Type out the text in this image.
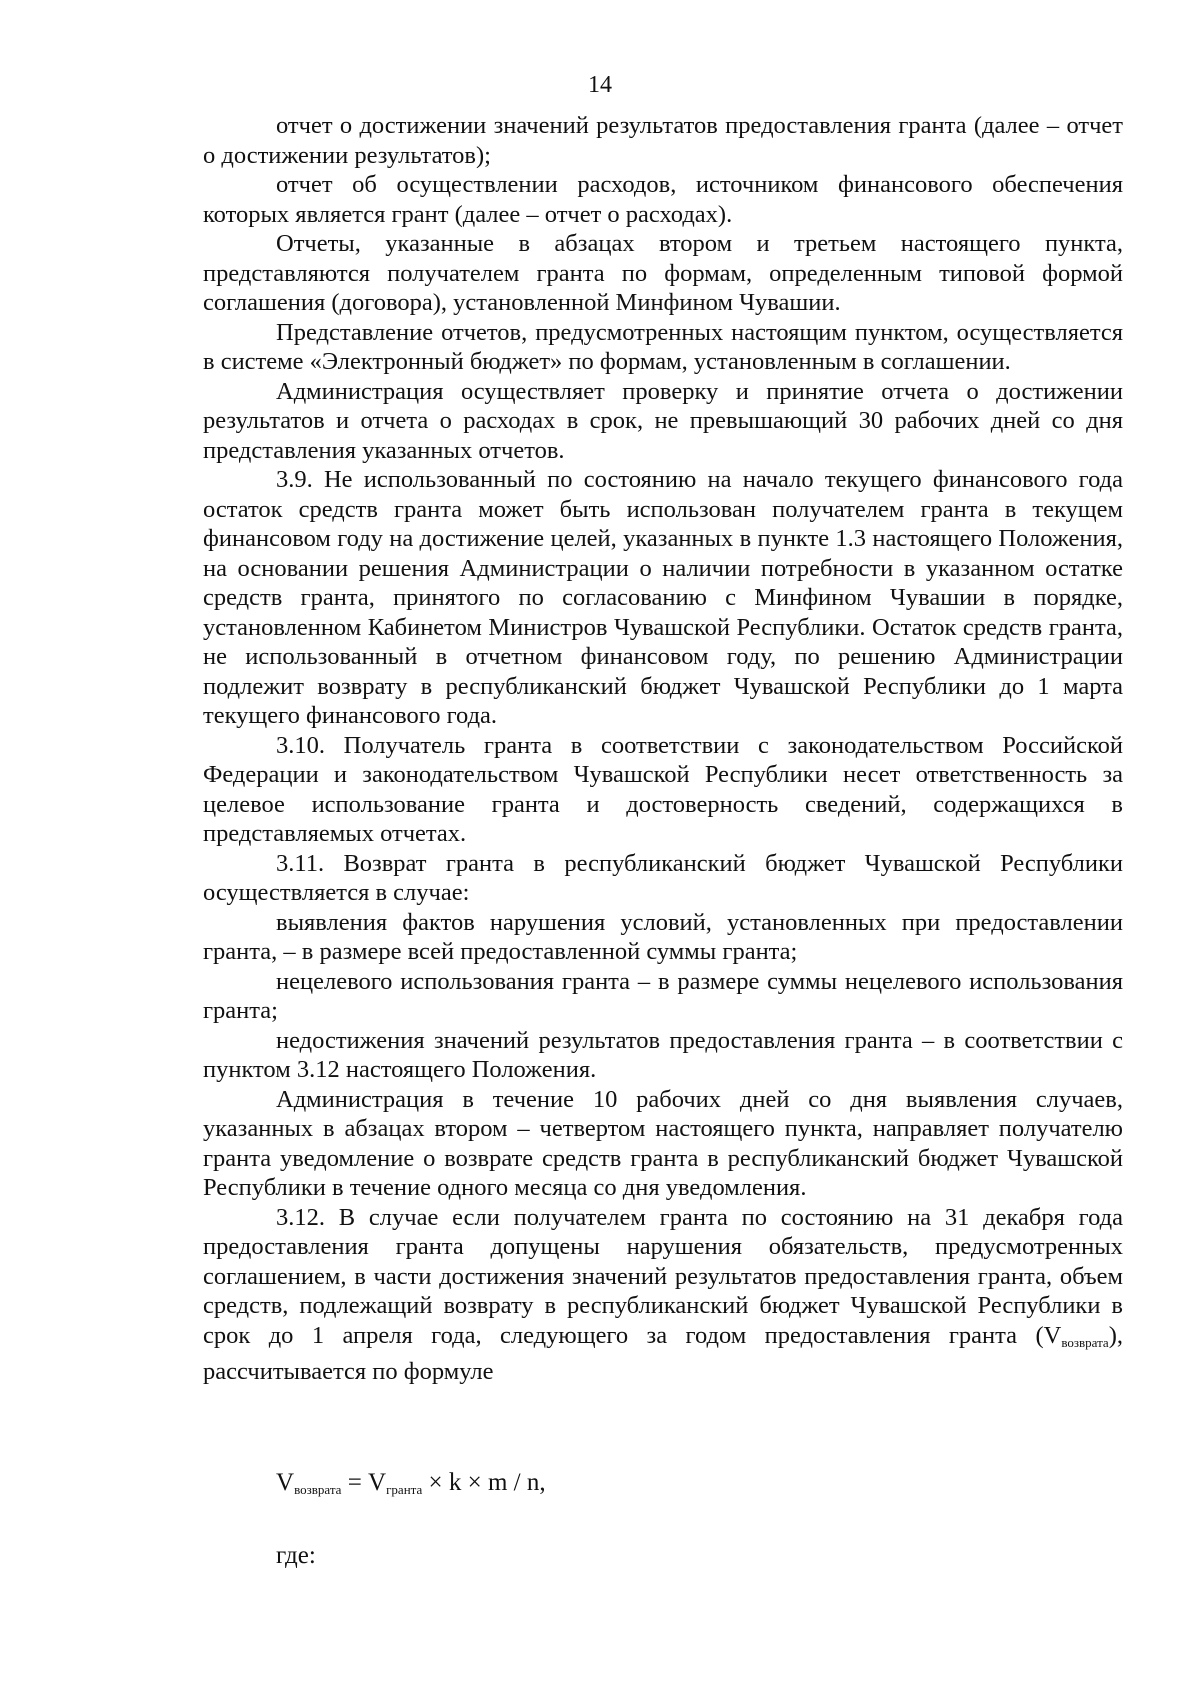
14

отчет о достижении значений результатов предоставления гранта (далее – отчет о достижении результатов);

отчет об осуществлении расходов, источником финансового обеспечения которых является грант (далее – отчет о расходах).

Отчеты, указанные в абзацах втором и третьем настоящего пункта, представляются получателем гранта по формам, определенным типовой формой соглашения (договора), установленной Минфином Чувашии.

Представление отчетов, предусмотренных настоящим пунктом, осуществляется в системе «Электронный бюджет» по формам, установленным в соглашении.

Администрация осуществляет проверку и принятие отчета о достижении результатов и отчета о расходах в срок, не превышающий 30 рабочих дней со дня представления указанных отчетов.

3.9. Не использованный по состоянию на начало текущего финансового года остаток средств гранта может быть использован получателем гранта в текущем финансовом году на достижение целей, указанных в пункте 1.3 настоящего Положения, на основании решения Администрации о наличии потребности в указанном остатке средств гранта, принятого по согласованию с Минфином Чувашии в порядке, установленном Кабинетом Министров Чувашской Республики. Остаток средств гранта, не использованный в отчетном финансовом году, по решению Администрации подлежит возврату в республиканский бюджет Чувашской Республики до 1 марта текущего финансового года.

3.10. Получатель гранта в соответствии с законодательством Российской Федерации и законодательством Чувашской Республики несет ответственность за целевое использование гранта и достоверность сведений, содержащихся в представляемых отчетах.

3.11. Возврат гранта в республиканский бюджет Чувашской Республики осуществляется в случае:

выявления фактов нарушения условий, установленных при предоставлении гранта, – в размере всей предоставленной суммы гранта;

нецелевого использования гранта – в размере суммы нецелевого использования гранта;

недостижения значений результатов предоставления гранта – в соответствии с пунктом 3.12 настоящего Положения.

Администрация в течение 10 рабочих дней со дня выявления случаев, указанных в абзацах втором – четвертом настоящего пункта, направляет получателю гранта уведомление о возврате средств гранта в республиканский бюджет Чувашской Республики в течение одного месяца со дня уведомления.

3.12. В случае если получателем гранта по состоянию на 31 декабря года предоставления гранта допущены нарушения обязательств, предусмотренных соглашением, в части достижения значений результатов предоставления гранта, объем средств, подлежащий возврату в республиканский бюджет Чувашской Республики в срок до 1 апреля года, следующего за годом предоставления гранта $(V_{возврата})$, рассчитывается по формуле

$V_{возврата} = V_{гранта} \times k \times m / n$,
где:
